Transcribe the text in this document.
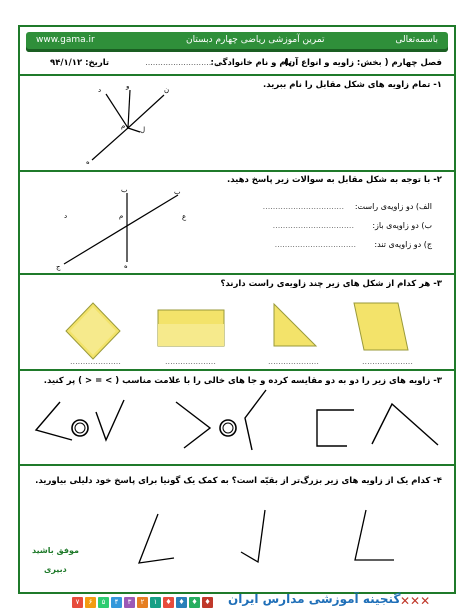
www.gama.ir	تمرین آموزشی ریاضی چهارم دبستان	باسمه‌تعالی
فصل چهارم ( بخش: زاویه و انواع آن)
نام و نام خانوادگی:
...............................
تاریخ: ۹۴/۱/۱۲
۱- تمام زاویه های شکل مقابل را نام ببرید.
ه
د	و	ن
م ل
۲- با توجه به شکل مقابل به سوالات زیر پاسخ دهید.
الف) دو زاویه‌ی راست:
................................
ب) دو زاویه‌ی باز:
................................
ج) دو زاویه‌ی تند:
................................
ب	ب
د	م	ع
ه
ج
۳- هر کدام از شکل های زیر چند زاویه‌ی راست دارند؟
....................	....................	....................	....................
۳- زاویه های زیر را دو به دو مقایسه کرده و جا های خالی را با علامت مناسب ( > = < ) پر کنید.
۴- کدام یک از زاویه های زیر بزرگ‌تر از بقیّه است؟ به کمک یک گونیا برای پاسخ خود دلیلی بیاورید.
موفق باشید
دبیری
۷	۶	۵	۴	۳	۲	۱	♦ ♦ ♦ ♦ گنجینه آموزشی مدارس ایران ✕✕✕
